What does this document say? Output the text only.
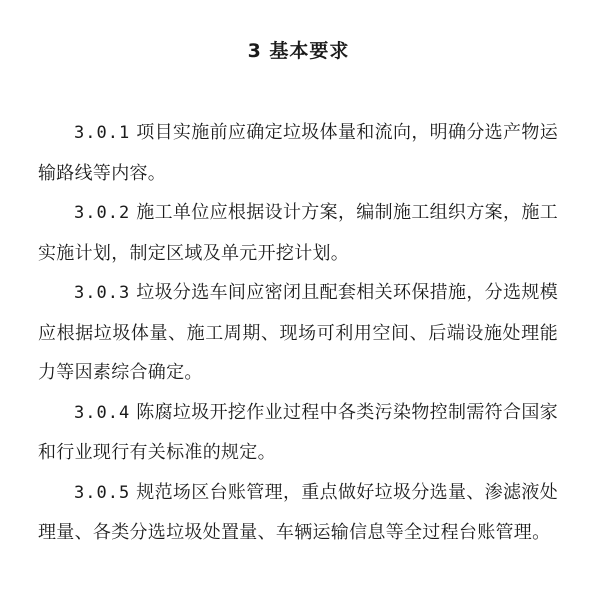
3 基本要求

3.0.1 项目实施前应确定垃圾体量和流向，明确分选产物运输路线等内容。

3.0.2 施工单位应根据设计方案，编制施工组织方案，施工实施计划，制定区域及单元开挖计划。

3.0.3 垃圾分选车间应密闭且配套相关环保措施，分选规模应根据垃圾体量、施工周期、现场可利用空间、后端设施处理能力等因素综合确定。

3.0.4 陈腐垃圾开挖作业过程中各类污染物控制需符合国家和行业现行有关标准的规定。

3.0.5 规范场区台账管理，重点做好垃圾分选量、渗滤液处理量、各类分选垃圾处置量、车辆运输信息等全过程台账管理。
